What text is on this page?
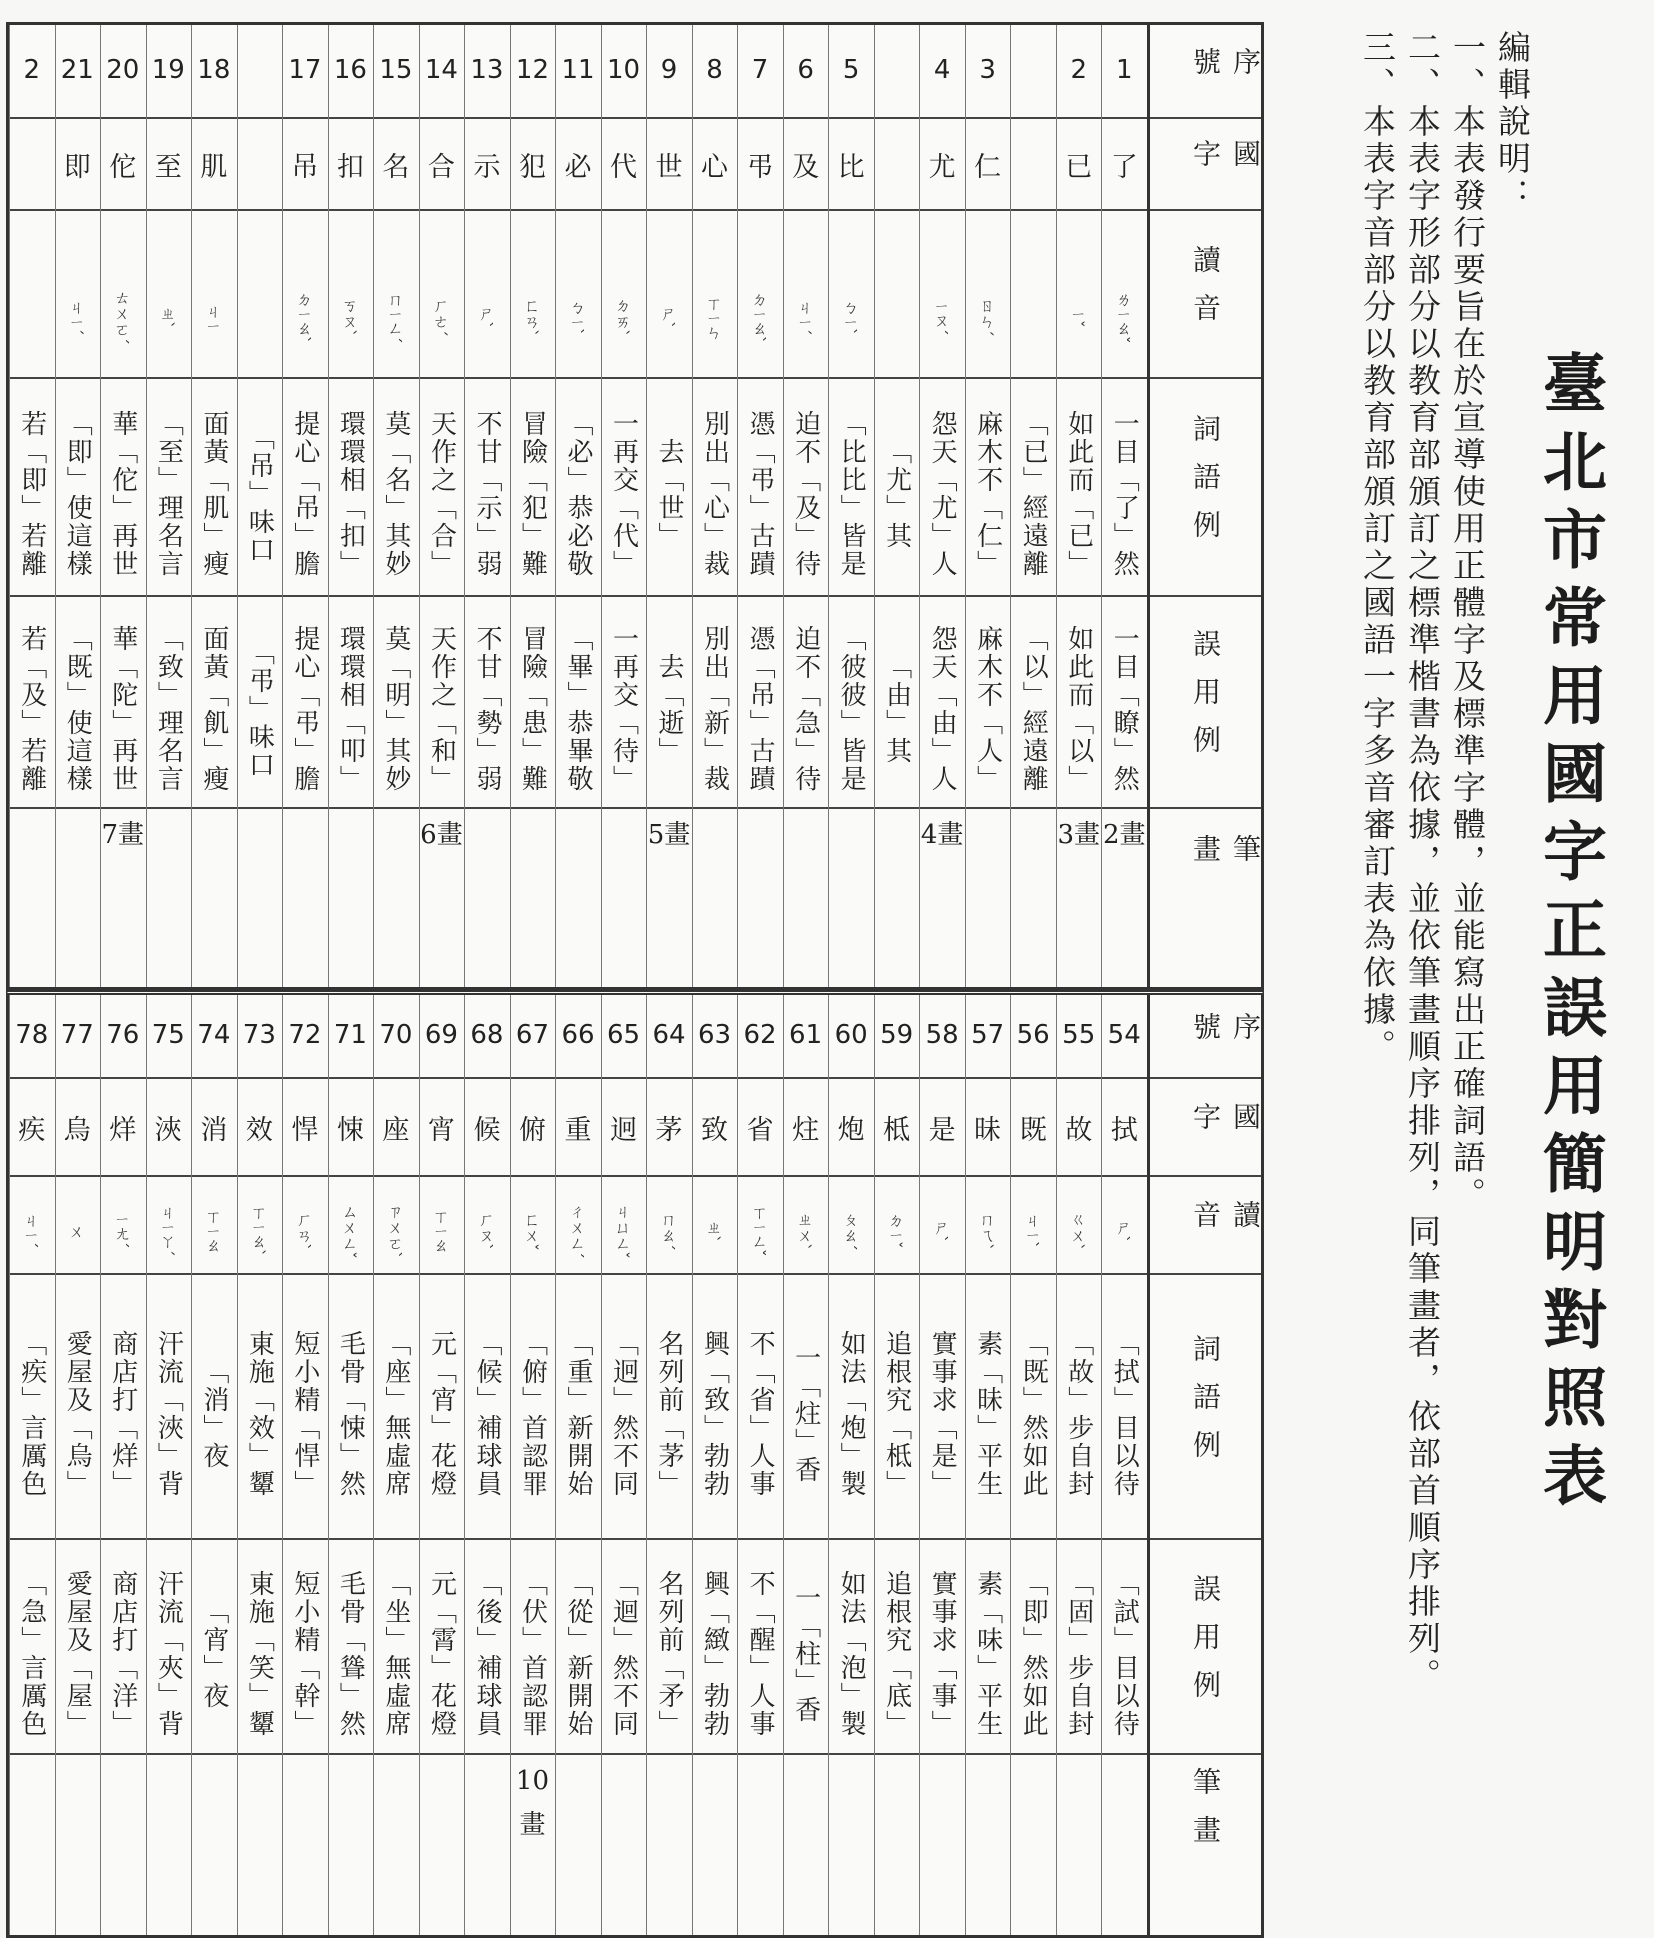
臺北市常用國字正誤用簡明對照表
編輯說明：
一、本表發行要旨在於宣導使用正體字及標準字體，並能寫出正確詞語。
二、本表字形部分以教育部頒訂之標準楷書為依據，並依筆畫順序排列，同筆畫者，依部首順序排列。
三、本表字音部分以教育部頒訂之國語一字多音審訂表為依據。
序號
國字
讀音
詞語例
誤用例
筆畫
1
了
ㄌㄧㄠˇ
一目「了」然
一目「瞭」然
2畫
2
已
ㄧˇ
如此而「已」
如此而「以」
3畫
「已」經遠離
「以」經遠離
3
仁
ㄖㄣˊ
麻木不「仁」
麻木不「人」
4
尤
ㄧㄡˊ
怨天「尤」人
怨天「由」人
4畫
「尤」其
「由」其
5
比
ㄅㄧˋ
「比比」皆是
「彼彼」皆是
6
及
ㄐㄧˊ
迫不「及」待
迫不「急」待
7
弔
ㄉㄧㄠˋ
憑「弔」古蹟
憑「吊」古蹟
8
心
ㄒㄧㄣ
別出「心」裁
別出「新」裁
9
世
ㄕˋ
去「世」
去「逝」
5畫
10
代
ㄉㄞˋ
一再交「代」
一再交「待」
11
必
ㄅㄧˋ
「必」恭必敬
「畢」恭畢敬
12
犯
ㄈㄢˋ
冒險「犯」難
冒險「患」難
13
示
ㄕˋ
不甘「示」弱
不甘「勢」弱
14
合
ㄏㄜˊ
天作之「合」
天作之「和」
6畫
15
名
ㄇㄧㄥˊ
莫「名」其妙
莫「明」其妙
16
扣
ㄎㄡˋ
環環相「扣」
環環相「叩」
17
吊
ㄉㄧㄠˋ
提心「吊」膽
提心「弔」膽
「吊」味口
「弔」味口
18
肌
ㄐㄧ
面黃「肌」瘦
面黃「飢」瘦
19
至
ㄓˋ
「至」理名言
「致」理名言
20
佗
ㄊㄨㄛˊ
華「佗」再世
華「陀」再世
7畫
21
即
ㄐㄧˊ
「即」使這樣
「既」使這樣
2
若「即」若離
若「及」若離
序號
國字
讀音
詞語例
誤用例
筆畫
54
拭
ㄕˋ
「拭」目以待
「試」目以待
55
故
ㄍㄨˋ
「故」步自封
「固」步自封
56
既
ㄐㄧˋ
「既」然如此
「即」然如此
57
昧
ㄇㄟˋ
素「昧」平生
素「味」平生
58
是
ㄕˋ
實事求「是」
實事求「事」
59
柢
ㄉㄧˇ
追根究「柢」
追根究「底」
60
炮
ㄆㄠˊ
如法「炮」製
如法「泡」製
61
炷
ㄓㄨˋ
一「炷」香
一「柱」香
62
省
ㄒㄧㄥˇ
不「省」人事
不「醒」人事
63
致
ㄓˋ
興「致」勃勃
興「緻」勃勃
64
茅
ㄇㄠˊ
名列前「茅」
名列前「矛」
65
迥
ㄐㄩㄥˇ
「迥」然不同
「迴」然不同
66
重
ㄔㄨㄥˊ
「重」新開始
「從」新開始
67
俯
ㄈㄨˇ
「俯」首認罪
「伏」首認罪
10畫
68
候
ㄏㄡˋ
「候」補球員
「後」補球員
69
宵
ㄒㄧㄠ
元「宵」花燈
元「霄」花燈
70
座
ㄗㄨㄛˋ
「座」無虛席
「坐」無虛席
71
悚
ㄙㄨㄥˇ
毛骨「悚」然
毛骨「聳」然
72
悍
ㄏㄢˋ
短小精「悍」
短小精「幹」
73
效
ㄒㄧㄠˋ
東施「效」顰
東施「笑」顰
74
消
ㄒㄧㄠ
「消」夜
「宵」夜
75
浹
ㄐㄧㄚˊ
汗流「浹」背
汗流「夾」背
76
烊
ㄧㄤˊ
商店打「烊」
商店打「洋」
77
烏
ㄨ
愛屋及「烏」
愛屋及「屋」
78
疾
ㄐㄧˊ
「疾」言厲色
「急」言厲色
